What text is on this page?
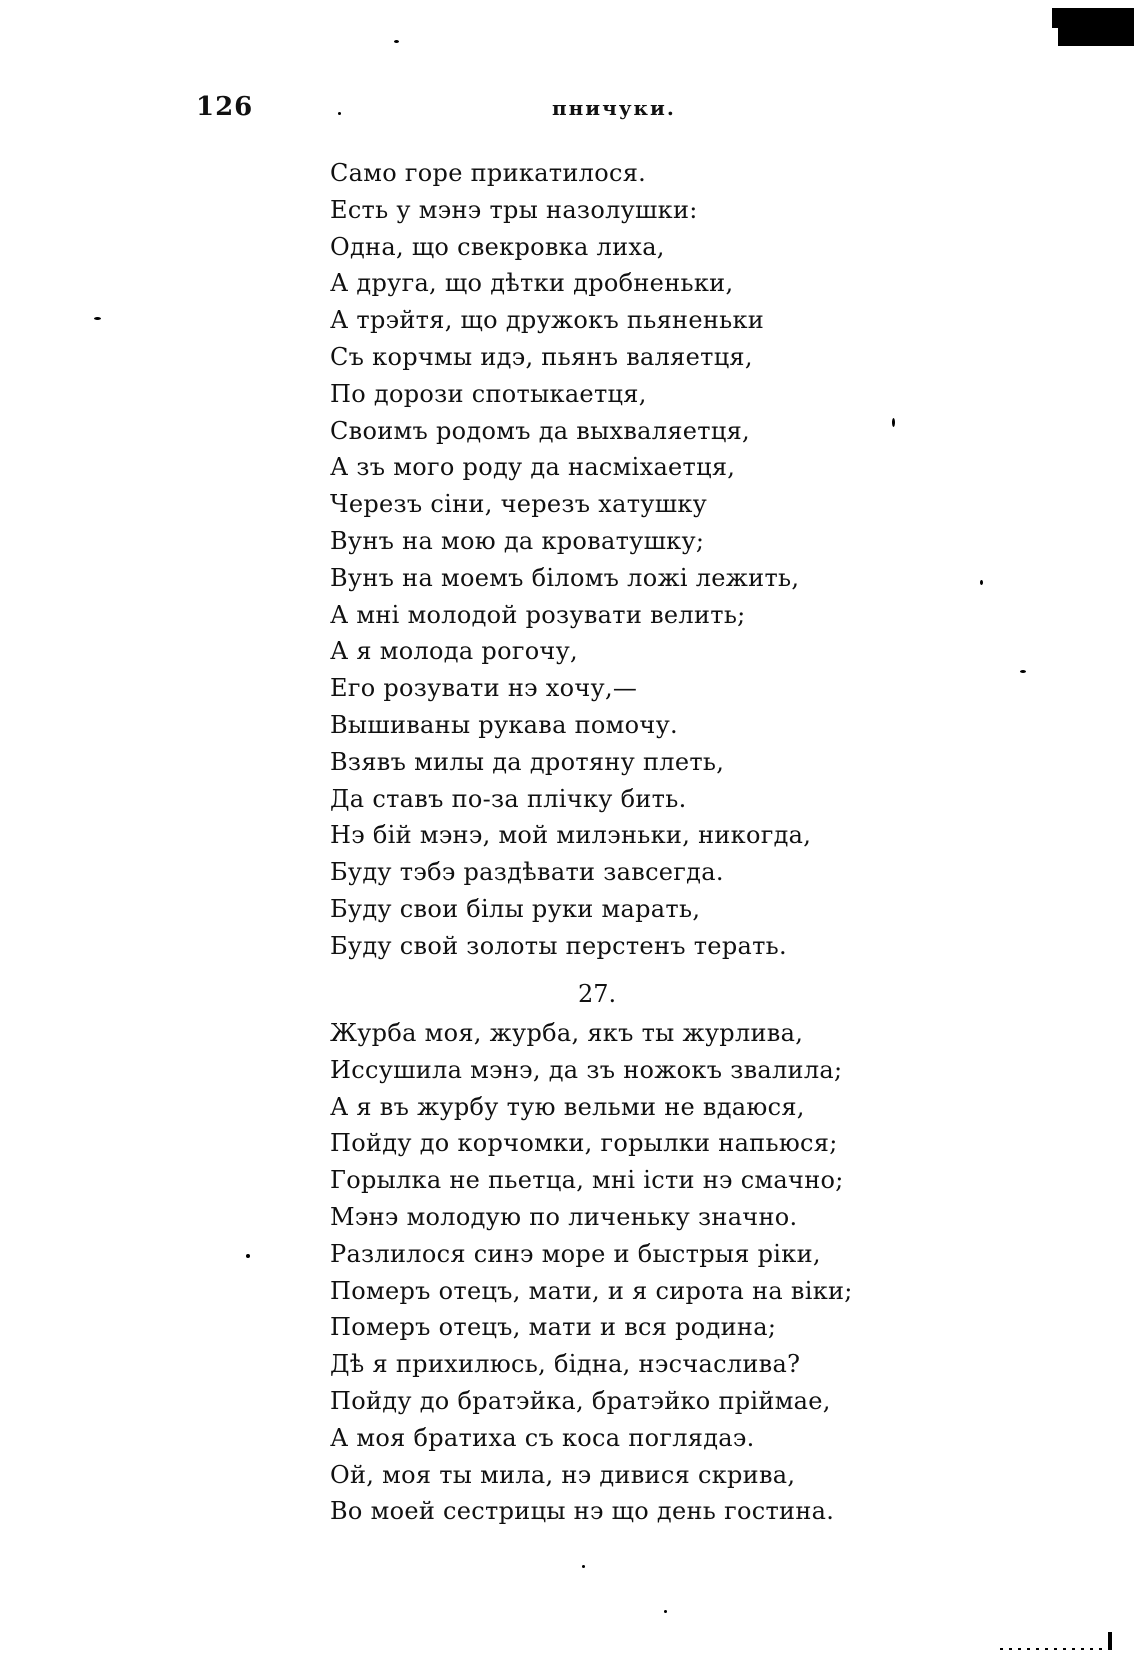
126	пничуки.
Само горе прикатилося.
Есть у мэнэ тры назолушки:
Одна, що свекровка лиха,
А друга, що дѣтки дробненьки,
А трэйтя, що дружокъ пьяненьки
Съ корчмы идэ, пьянъ валяетця,
По дорози спотыкаетця,
Своимъ родомъ да выхваляетця,
А зъ мого роду да насміхаетця,
Черезъ сіни, черезъ хатушку
Вунъ на мою да кроватушку;
Вунъ на моемъ біломъ ложі лежить,
А мні молодой розувати велить;
А я молода рогочу,
Его розувати нэ хочу,—
Вышиваны рукава помочу.
Взявъ милы да дротяну плеть,
Да ставъ по-за плічку бить.
Нэ бій мэнэ, мой милэньки, никогда,
Буду тэбэ раздѣвати завсегда.
Буду свои білы руки марать,
Буду свой золоты перстенъ терать.
27.
Журба моя, журба, якъ ты журлива,
Иссушила мэнэ, да зъ ножокъ звалила;
А я въ журбу тую вельми не вдаюся,
Пойду до корчомки, горылки напьюся;
Горылка не пьетца, мні істи нэ смачно;
Мэнэ молодую по личеньку значно.
Разлилося синэ море и быстрыя ріки,
Померъ отецъ, мати, и я сирота на віки;
Померъ отецъ, мати и вся родина;
Дѣ я прихилюсь, бідна, нэсчаслива?
Пойду до братэйка, братэйко пріймае,
А моя братиха съ коса поглядаэ.
Ой, моя ты мила, нэ дивися скрива,
Во моей сестрицы нэ що день гостина.
